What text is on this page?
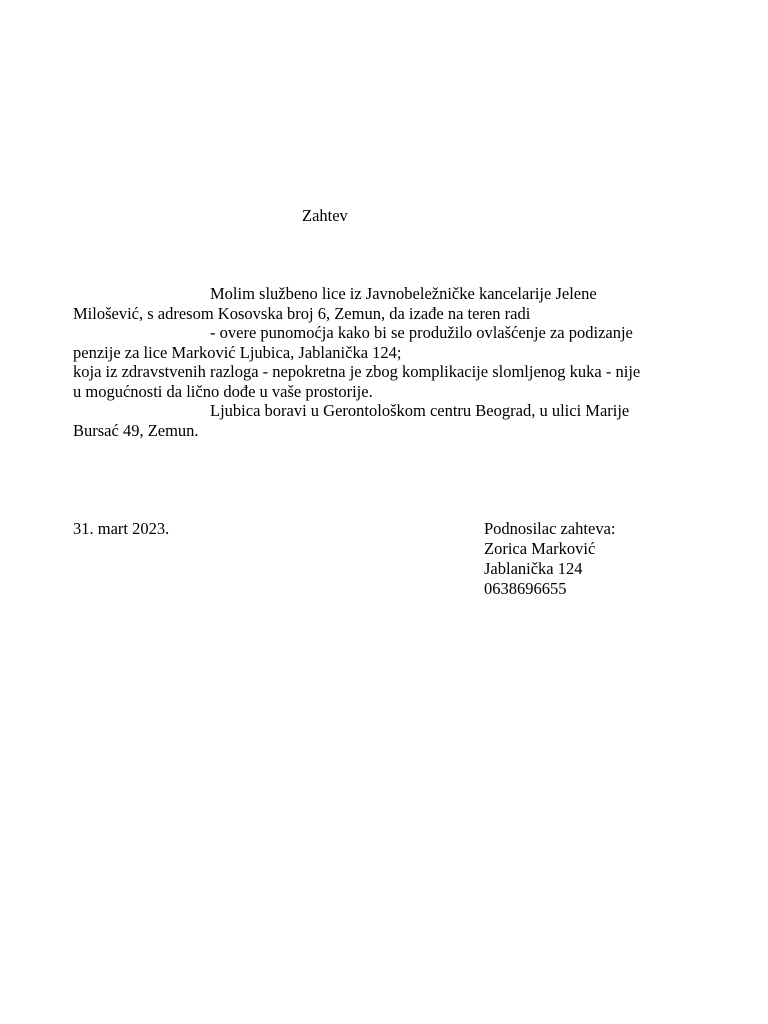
Zahtev
Molim službeno lice iz Javnobeležničke kancelarije Jelene
Milošević, s adresom Kosovska broj 6, Zemun, da izađe na teren radi
- overe punomoćja kako bi se produžilo ovlašćenje za podizanje
penzije za lice Marković Ljubica, Jablanička 124;
koja iz zdravstvenih razloga - nepokretna je zbog komplikacije slomljenog kuka - nije
u mogućnosti da lično dođe u vaše prostorije.
Ljubica boravi u Gerontološkom centru Beograd, u ulici Marije
Bursać 49, Zemun.
31. mart 2023.	Podnosilac zahteva:
Zorica Marković
Jablanička 124
0638696655
